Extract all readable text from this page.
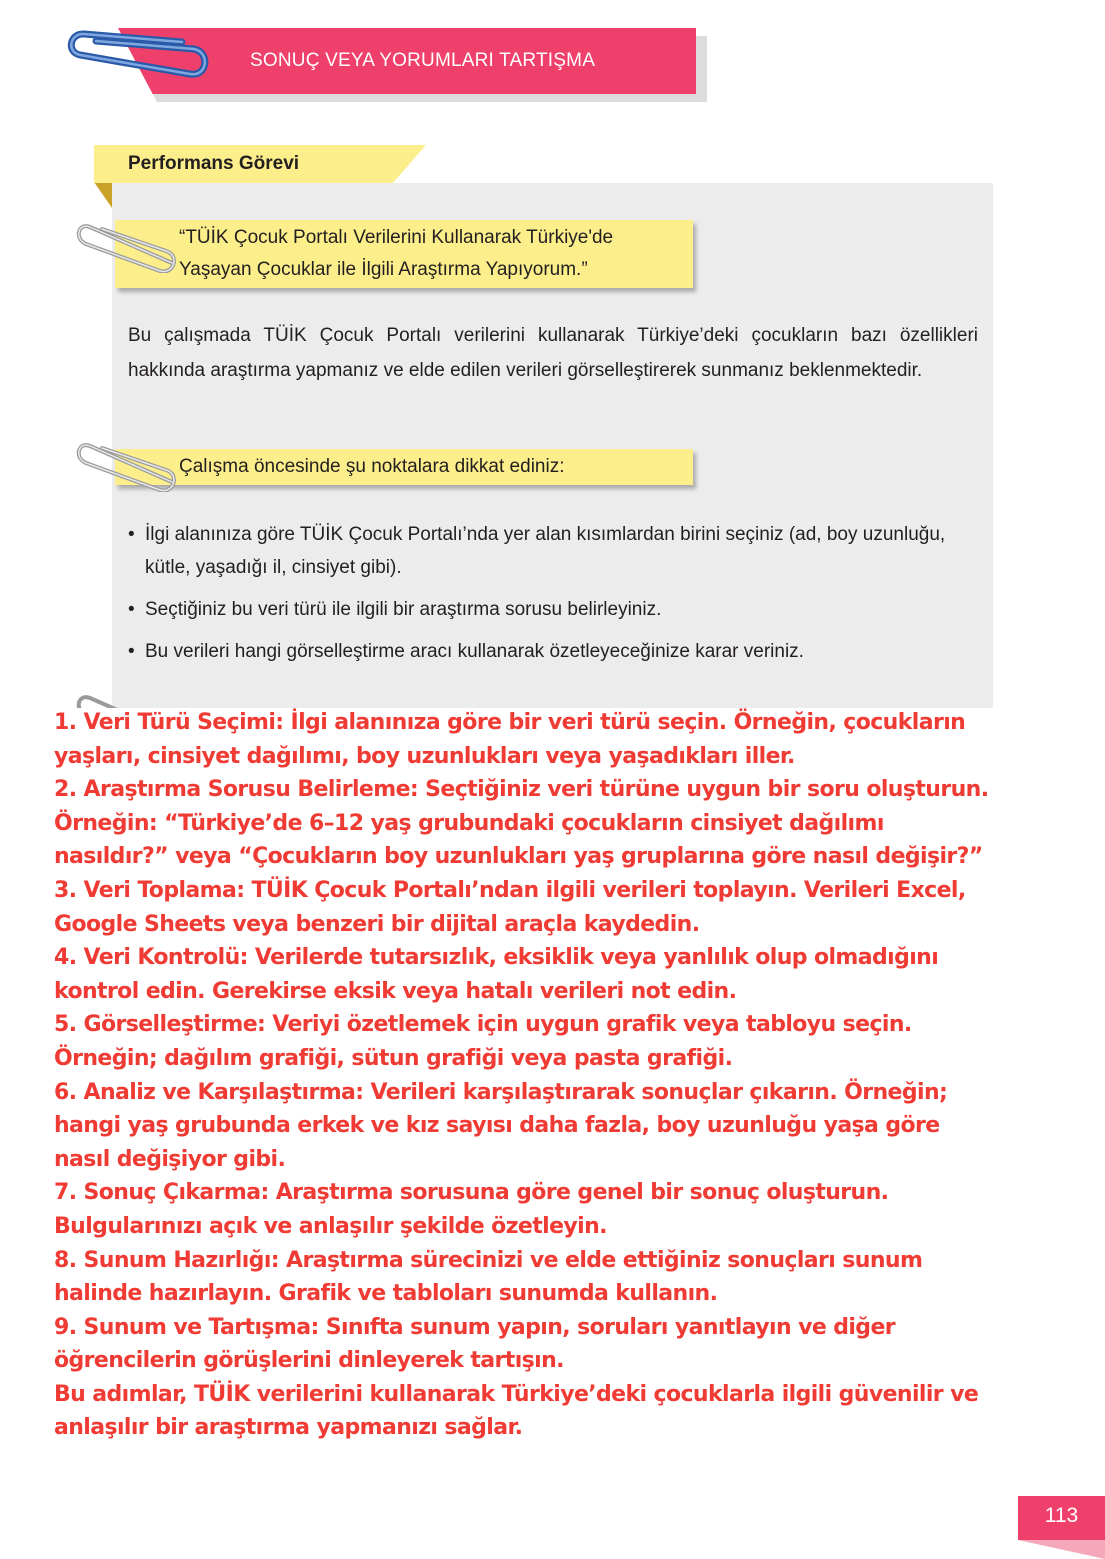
SONUÇ VEYA YORUMLARI TARTIŞMA
Performans Görevi
“TÜİK Çocuk Portalı Verilerini Kullanarak Türkiye'de
Yaşayan Çocuklar ile İlgili Araştırma Yapıyorum.”
Bu çalışmada TÜİK Çocuk Portalı verilerini kullanarak Türkiye’deki çocukların bazı özellikleri hakkında araştırma yapmanız ve elde edilen verileri görselleştirerek sunmanız beklenmektedir.
Çalışma öncesinde şu noktalara dikkat ediniz:
• İlgi alanınıza göre TÜİK Çocuk Portalı’nda yer alan kısımlardan birini seçiniz (ad, boy uzunluğu, kütle, yaşadığı il, cinsiyet gibi).
• Seçtiğiniz bu veri türü ile ilgili bir araştırma sorusu belirleyiniz.
• Bu verileri hangi görselleştirme aracı kullanarak özetleyeceğinize karar veriniz.
1. Veri Türü Seçimi: İlgi alanınıza göre bir veri türü seçin. Örneğin, çocukların
yaşları, cinsiyet dağılımı, boy uzunlukları veya yaşadıkları iller.
2. Araştırma Sorusu Belirleme: Seçtiğiniz veri türüne uygun bir soru oluşturun.
Örneğin: “Türkiye’de 6–12 yaş grubundaki çocukların cinsiyet dağılımı
nasıldır?” veya “Çocukların boy uzunlukları yaş gruplarına göre nasıl değişir?”
3. Veri Toplama: TÜİK Çocuk Portalı’ndan ilgili verileri toplayın. Verileri Excel,
Google Sheets veya benzeri bir dijital araçla kaydedin.
4. Veri Kontrolü: Verilerde tutarsızlık, eksiklik veya yanlılık olup olmadığını
kontrol edin. Gerekirse eksik veya hatalı verileri not edin.
5. Görselleştirme: Veriyi özetlemek için uygun grafik veya tabloyu seçin.
Örneğin; dağılım grafiği, sütun grafiği veya pasta grafiği.
6. Analiz ve Karşılaştırma: Verileri karşılaştırarak sonuçlar çıkarın. Örneğin;
hangi yaş grubunda erkek ve kız sayısı daha fazla, boy uzunluğu yaşa göre
nasıl değişiyor gibi.
7. Sonuç Çıkarma: Araştırma sorusuna göre genel bir sonuç oluşturun.
Bulgularınızı açık ve anlaşılır şekilde özetleyin.
8. Sunum Hazırlığı: Araştırma sürecinizi ve elde ettiğiniz sonuçları sunum
halinde hazırlayın. Grafik ve tabloları sunumda kullanın.
9. Sunum ve Tartışma: Sınıfta sunum yapın, soruları yanıtlayın ve diğer
öğrencilerin görüşlerini dinleyerek tartışın.
Bu adımlar, TÜİK verilerini kullanarak Türkiye’deki çocuklarla ilgili güvenilir ve
anlaşılır bir araştırma yapmanızı sağlar.
113
